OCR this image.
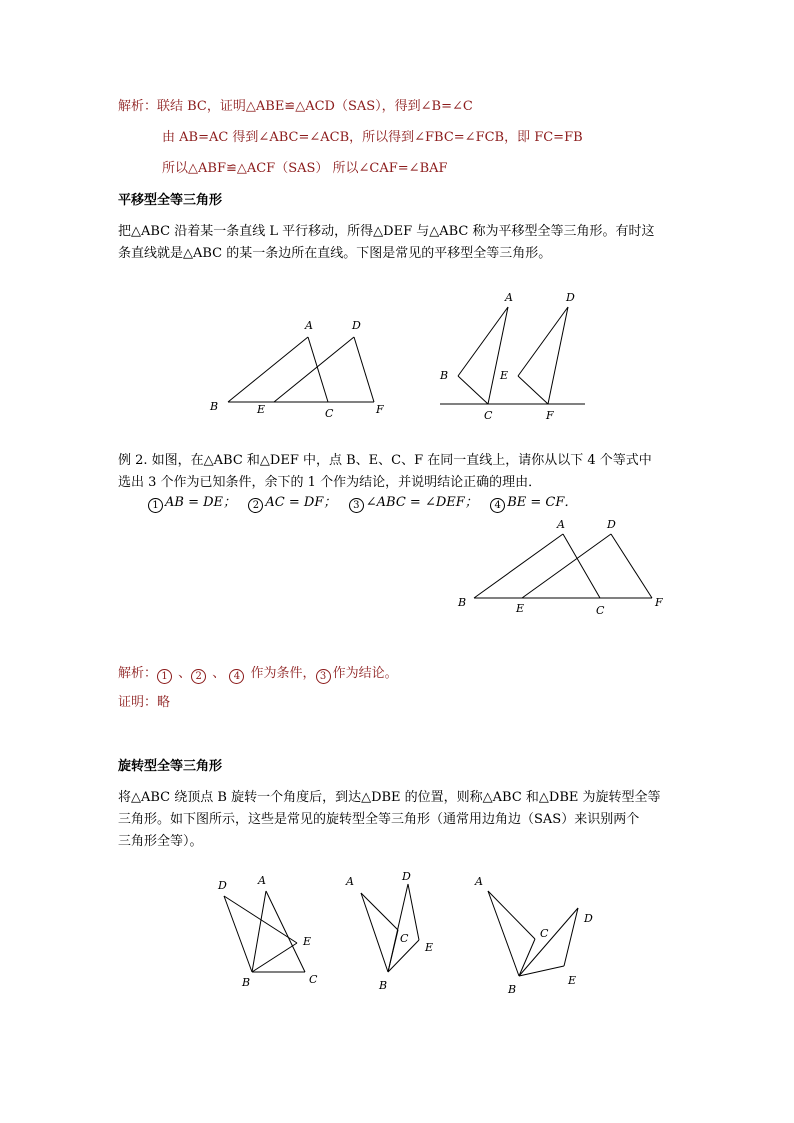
解析：联结 BC，证明△ABE≌△ACD（SAS），得到∠B=∠C
由 AB=AC 得到∠ABC=∠ACB，所以得到∠FBC=∠FCB，即 FC=FB
所以△ABF≌△ACF（SAS） 所以∠CAF=∠BAF
平移型全等三角形
把△ABC 沿着某一条直线 L 平行移动，所得△DEF 与△ABC 称为平移型全等三角形。有时这
条直线就是△ABC 的某一条边所在直线。下图是常见的平移型全等三角形。
A	D
B	E	C	F
A	D
B	E
C	F
例 2. 如图，在△ABC 和△DEF 中，点 B、E、C、F 在同一直线上，请你从以下 4 个等式中
选出 3 个作为已知条件，余下的 1 个作为结论，并说明结论正确的理由．
1 AB = DE； 2 AC = DF； 3 ∠ABC = ∠DEF； 4 BE = CF．
A	D
B	E	C
F
解析： 1 、 2 、 4 作为条件， 3 作为结论。
证明：略
旋转型全等三角形
将△ABC 绕顶点 B 旋转一个角度后，到达△DBE 的位置，则称△ABC 和△DBE 为旋转型全等
三角形。如下图所示，这些是常见的旋转型全等三角形（通常用边角边（SAS）来识别两个
三角形全等）。
D	A
E
B	C
A	D
C
E
B
A
C
D
B
E
